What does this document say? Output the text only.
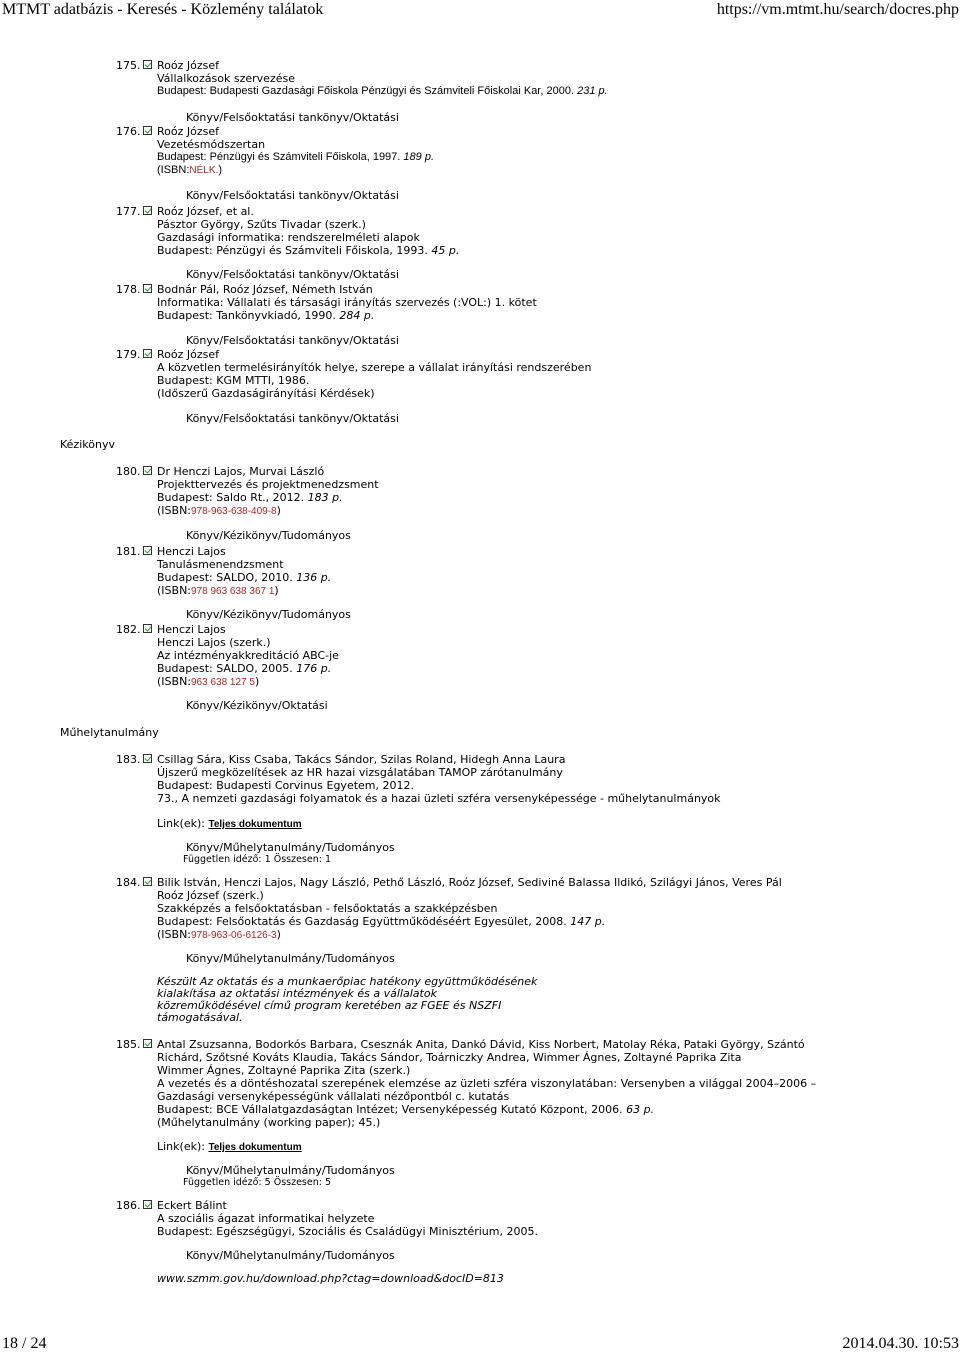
MTMT adatbázis - Keresés - Közlemény találatok	https://vm.mtmt.hu/search/docres.php
175. Roóz József
Vállalkozások szervezése
Budapest: Budapesti Gazdasági Főiskola Pénzügyi és Számviteli Főiskolai Kar, 2000. 231 p.
Könyv/Felsőoktatási tankönyv/Oktatási
176. Roóz József
Vezetésmódszertan
Budapest: Pénzügyi és Számviteli Főiskola, 1997. 189 p.
(ISBN:NÉLK.)
Könyv/Felsőoktatási tankönyv/Oktatási
177. Roóz József, et al.
Pásztor György, Szűts Tivadar (szerk.)
Gazdasági informatika: rendszerelméleti alapok
Budapest: Pénzügyi és Számviteli Főiskola, 1993. 45 p.
Könyv/Felsőoktatási tankönyv/Oktatási
178. Bodnár Pál, Roóz József, Németh István
Informatika: Vállalati és társasági irányítás szervezés (:VOL:) 1. kötet
Budapest: Tankönyvkiadó, 1990. 284 p.
Könyv/Felsőoktatási tankönyv/Oktatási
179. Roóz József
A közvetlen termelésirányítók helye, szerepe a vállalat irányítási rendszerében
Budapest: KGM MTTI, 1986.
(Időszerű Gazdaságirányítási Kérdések)
Könyv/Felsőoktatási tankönyv/Oktatási
Kézikönyv
180. Dr Henczi Lajos, Murvai László
Projekttervezés és projektmenedzsment
Budapest: Saldo Rt., 2012. 183 p.
(ISBN:978-963-638-409-8)
Könyv/Kézikönyv/Tudományos
181. Henczi Lajos
Tanulásmenendzsment
Budapest: SALDO, 2010. 136 p.
(ISBN:978 963 638 367 1)
Könyv/Kézikönyv/Tudományos
182. Henczi Lajos
Henczi Lajos (szerk.)
Az intézményakkreditáció ABC-je
Budapest: SALDO, 2005. 176 p.
(ISBN:963 638 127 5)
Könyv/Kézikönyv/Oktatási
Műhelytanulmány
183. Csillag Sára, Kiss Csaba, Takács Sándor, Szilas Roland, Hidegh Anna Laura
Újszerű megközelítések az HR hazai vizsgálatában TAMOP zárótanulmány
Budapest: Budapesti Corvinus Egyetem, 2012.
73., A nemzeti gazdasági folyamatok és a hazai üzleti szféra versenyképessége - műhelytanulmányok
Link(ek): Teljes dokumentum
Könyv/Műhelytanulmány/Tudományos
Független idéző: 1 Összesen: 1
184. Bilik István, Henczi Lajos, Nagy László, Pethő László, Roóz József, Sediviné Balassa Ildikó, Szilágyi János, Veres Pál
Roóz József (szerk.)
Szakképzés a felsőoktatásban - felsőoktatás a szakképzésben
Budapest: Felsőoktatás és Gazdaság Együttműködéséért Egyesület, 2008. 147 p.
(ISBN:978-963-06-6126-3)
Könyv/Műhelytanulmány/Tudományos
Készült Az oktatás és a munkaerőpiac hatékony együttműködésének
kialakítása az oktatási intézmények és a vállalatok
közreműködésével című program keretében az FGEE és NSZFI
támogatásával.
185. Antal Zsuzsanna, Bodorkós Barbara, Csesznák Anita, Dankó Dávid, Kiss Norbert, Matolay Réka, Pataki György, Szántó Richárd, Szőtsné Kováts Klaudia, Takács Sándor, Toárniczky Andrea, Wimmer Ágnes, Zoltayné Paprika Zita
Wimmer Ágnes, Zoltayné Paprika Zita (szerk.)
A vezetés és a döntéshozatal szerepének elemzése az üzleti szféra viszonylatában: Versenyben a világgal 2004–2006 – Gazdasági versenyképességünk vállalati nézőpontból c. kutatás
Budapest: BCE Vállalatgazdaságtan Intézet; Versenyképesség Kutató Központ, 2006. 63 p.
(Műhelytanulmány (working paper); 45.)
Link(ek): Teljes dokumentum
Könyv/Műhelytanulmány/Tudományos
Független idéző: 5 Összesen: 5
186. Eckert Bálint
A szociális ágazat informatikai helyzete
Budapest: Egészségügyi, Szociális és Családügyi Minisztérium, 2005.
Könyv/Műhelytanulmány/Tudományos
www.szmm.gov.hu/download.php?ctag=download&docID=813
18 / 24	2014.04.30. 10:53
